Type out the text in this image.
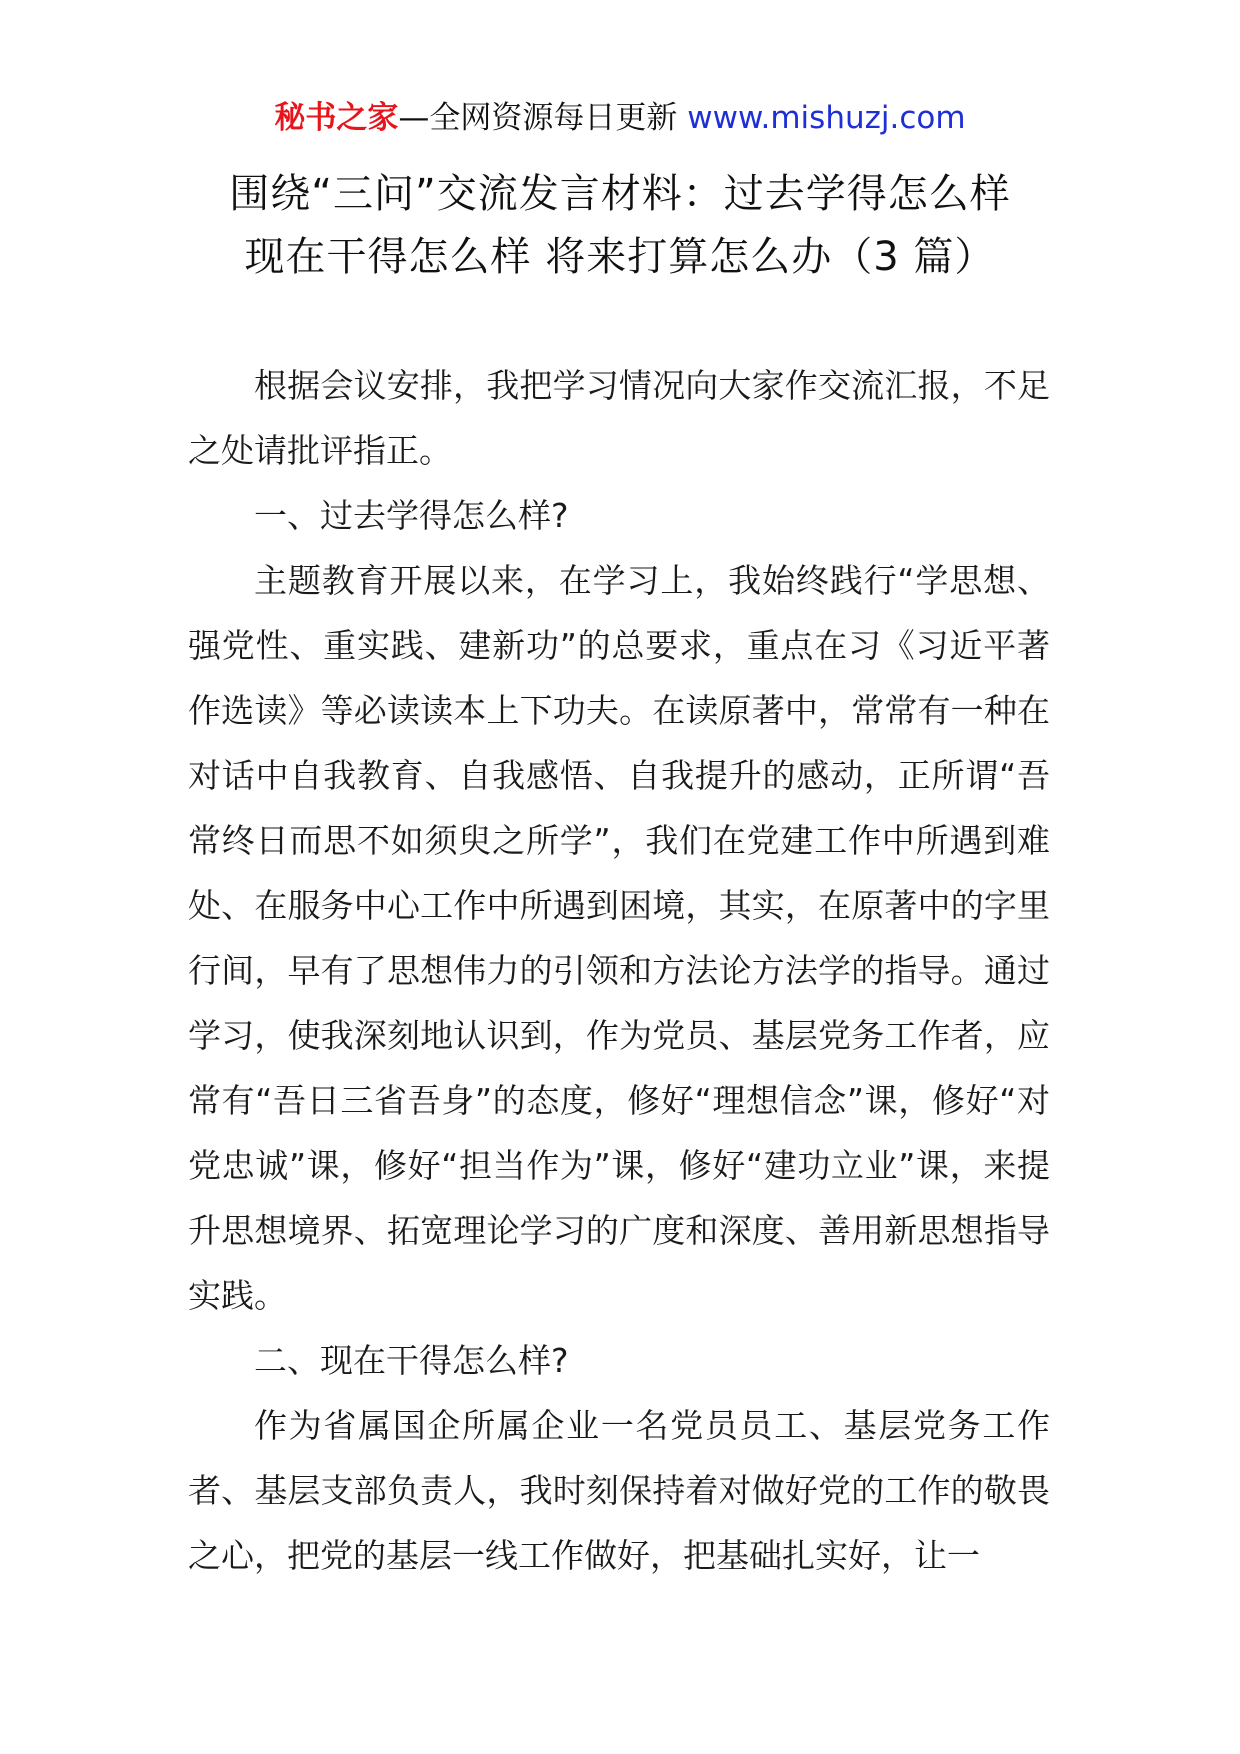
秘书之家—全网资源每日更新 www.mishuzj.com
围绕“三问”交流发言材料：过去学得怎么样
现在干得怎么样 将来打算怎么办（3 篇）

根据会议安排，我把学习情况向大家作交流汇报，不足之处请批评指正。

一、过去学得怎么样?

主题教育开展以来，在学习上，我始终践行“学思想、强党性、重实践、建新功”的总要求，重点在习《习近平著作选读》等必读读本上下功夫。在读原著中，常常有一种在对话中自我教育、自我感悟、自我提升的感动，正所谓“吾常终日而思不如须臾之所学”，我们在党建工作中所遇到难处、在服务中心工作中所遇到困境，其实，在原著中的字里行间，早有了思想伟力的引领和方法论方法学的指导。通过学习，使我深刻地认识到，作为党员、基层党务工作者，应常有“吾日三省吾身”的态度，修好“理想信念”课，修好“对党忠诚”课，修好“担当作为”课，修好“建功立业”课，来提升思想境界、拓宽理论学习的广度和深度、善用新思想指导实践。

二、现在干得怎么样?

作为省属国企所属企业一名党员员工、基层党务工作者、基层支部负责人，我时刻保持着对做好党的工作的敬畏之心，把党的基层一线工作做好，把基础扎实好，让一
